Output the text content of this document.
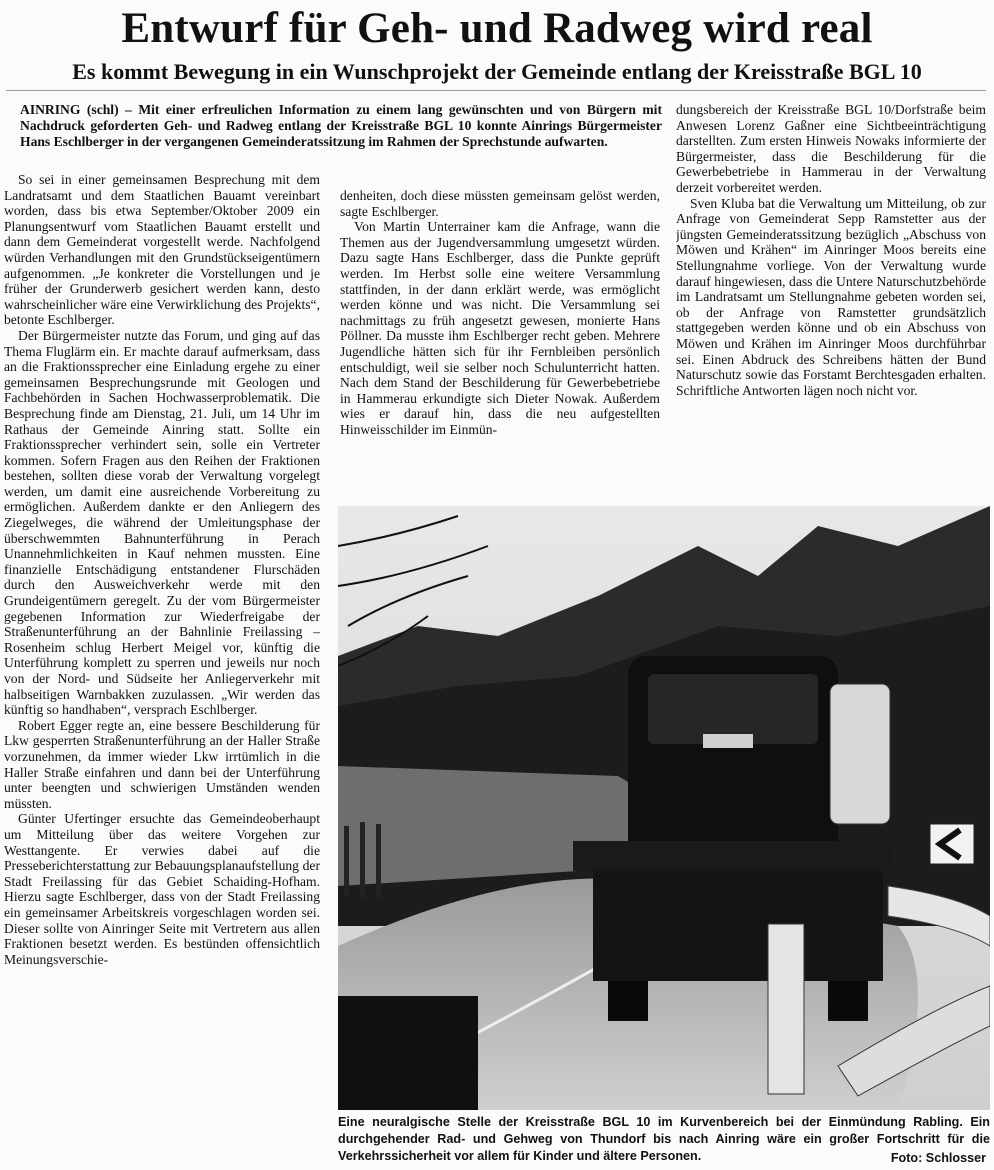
Entwurf für Geh- und Radweg wird real
Es kommt Bewegung in ein Wunschprojekt der Gemeinde entlang der Kreisstraße BGL 10

AINRING (schl) – Mit einer erfreulichen Information zu einem lang gewünschten und von Bürgern mit Nachdruck geforderten Geh- und Radweg entlang der Kreisstraße BGL 10 konnte Ainrings Bürgermeister Hans Eschlberger in der vergangenen Gemeinderatssitzung im Rahmen der Sprechstunde aufwarten.

So sei in einer gemeinsamen Besprechung mit dem Landratsamt und dem Staatlichen Bauamt vereinbart worden, dass bis etwa September/Oktober 2009 ein Planungsentwurf vom Staatlichen Bauamt erstellt und dann dem Gemeinderat vorgestellt werde. Nachfolgend würden Verhandlungen mit den Grundstückseigentümern aufgenommen. „Je konkreter die Vorstellungen und je früher der Grunderwerb gesichert werden kann, desto wahrscheinlicher wäre eine Verwirklichung des Projekts“, betonte Eschlberger.

Der Bürgermeister nutzte das Forum, und ging auf das Thema Fluglärm ein. Er machte darauf aufmerksam, dass an die Fraktionssprecher eine Einladung ergehe zu einer gemeinsamen Besprechungsrunde mit Geologen und Fachbehörden in Sachen Hochwasserproblematik. Die Besprechung finde am Dienstag, 21. Juli, um 14 Uhr im Rathaus der Gemeinde Ainring statt. Sollte ein Fraktionssprecher verhindert sein, solle ein Vertreter kommen. Sofern Fragen aus den Reihen der Fraktionen bestehen, sollten diese vorab der Verwaltung vorgelegt werden, um damit eine ausreichende Vorbereitung zu ermöglichen. Außerdem dankte er den Anliegern des Ziegelweges, die während der Umleitungsphase der überschwemmten Bahnunterführung in Perach Unannehmlichkeiten in Kauf nehmen mussten. Eine finanzielle Entschädigung entstandener Flurschäden durch den Ausweichverkehr werde mit den Grundeigentümern geregelt. Zu der vom Bürgermeister gegebenen Information zur Wiederfreigabe der Straßenunterführung an der Bahnlinie Freilassing – Rosenheim schlug Herbert Meigel vor, künftig die Unterführung komplett zu sperren und jeweils nur noch von der Nord- und Südseite her Anliegerverkehr mit halbseitigen Warnbakken zuzulassen. „Wir werden das künftig so handhaben“, versprach Eschlberger.

Robert Egger regte an, eine bessere Beschilderung für Lkw gesperrten Straßenunterführung an der Haller Straße vorzunehmen, da immer wieder Lkw irrtümlich in die Haller Straße einfahren und dann bei der Unterführung unter beengten und schwierigen Umständen wenden müssten.

Günter Ufertinger ersuchte das Gemeindeoberhaupt um Mitteilung über das weitere Vorgehen zur Westtangente. Er verwies dabei auf die Presseberichterstattung zur Bebauungsplanaufstellung der Stadt Freilassing für das Gebiet Schaiding-Hofham. Hierzu sagte Eschlberger, dass von der Stadt Freilassing ein gemeinsamer Arbeitskreis vorgeschlagen worden sei. Dieser sollte von Ainringer Seite mit Vertretern aus allen Fraktionen besetzt werden. Es bestünden offensichtlich Meinungsverschie-

denheiten, doch diese müssten gemeinsam gelöst werden, sagte Eschlberger.

Von Martin Unterrainer kam die Anfrage, wann die Themen aus der Jugendversammlung umgesetzt würden. Dazu sagte Hans Eschlberger, dass die Punkte geprüft werden. Im Herbst solle eine weitere Versammlung stattfinden, in der dann erklärt werde, was ermöglicht werden könne und was nicht. Die Versammlung sei nachmittags zu früh angesetzt gewesen, monierte Hans Pöllner. Da musste ihm Eschlberger recht geben. Mehrere Jugendliche hätten sich für ihr Fernbleiben persönlich entschuldigt, weil sie selber noch Schulunterricht hatten. Nach dem Stand der Beschilderung für Gewerbebetriebe in Hammerau erkundigte sich Dieter Nowak. Außerdem wies er darauf hin, dass die neu aufgestellten Hinweisschilder im Einmün-

dungsbereich der Kreisstraße BGL 10/Dorfstraße beim Anwesen Lorenz Gaßner eine Sichtbeeinträchtigung darstellten. Zum ersten Hinweis Nowaks informierte der Bürgermeister, dass die Beschilderung für die Gewerbebetriebe in Hammerau in der Verwaltung derzeit vorbereitet werden.

Sven Kluba bat die Verwaltung um Mitteilung, ob zur Anfrage von Gemeinderat Sepp Ramstetter aus der jüngsten Gemeinderatssitzung bezüglich „Abschuss von Möwen und Krähen“ im Ainringer Moos bereits eine Stellungnahme vorliege. Von der Verwaltung wurde darauf hingewiesen, dass die Untere Naturschutzbehörde im Landratsamt um Stellungnahme gebeten worden sei, ob der Anfrage von Ramstetter grundsätzlich stattgegeben werden könne und ob ein Abschuss von Möwen und Krähen im Ainringer Moos durchführbar sei. Einen Abdruck des Schreibens hätten der Bund Naturschutz sowie das Forstamt Berchtesgaden erhalten. Schriftliche Antworten lägen noch nicht vor.

Eine neuralgische Stelle der Kreisstraße BGL 10 im Kurvenbereich bei der Einmündung Rabling. Ein durchgehender Rad- und Gehweg von Thundorf bis nach Ainring wäre ein großer Fortschritt für die Verkehrssicherheit vor allem für Kinder und ältere Personen.	Foto: Schlosser
